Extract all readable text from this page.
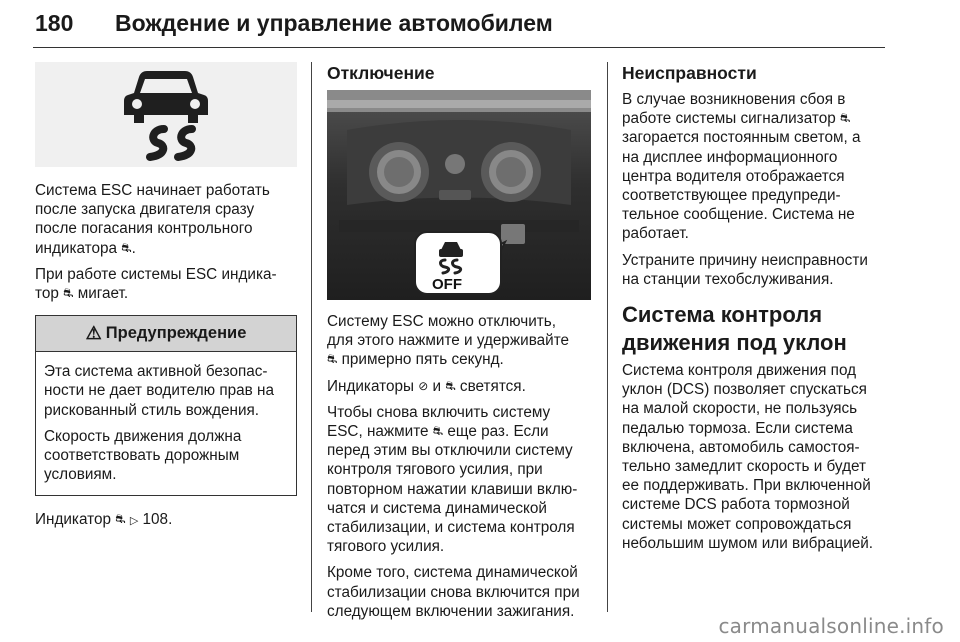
180 Вождение и управление автомобилем

Система ESC начинает работать
после запуска двигателя сразу
после погасания контрольного
индикатора ⛐.

При работе системы ESC индика-
тор ⛐ мигает.

⚠ Предупреждение

Эта система активной безопас-
ности не дает водителю прав на
рискованный стиль вождения.

Скорость движения должна
соответствовать дорожным
условиям.

Индикатор ⛐ ▷ 108.

Отключение
OFF

Систему ESC можно отключить,
для этого нажмите и удерживайте
⛐ примерно пять секунд.

Индикаторы ⊘ и ⛐ светятся.

Чтобы снова включить систему
ESC, нажмите ⛐ еще раз. Если
перед этим вы отключили систему
контроля тягового усилия, при
повторном нажатии клавиши вклю-
чатся и система динамической
стабилизации, и система контроля
тягового усилия.

Кроме того, система динамической
стабилизации снова включится при
следующем включении зажигания.

Неисправности

В случае возникновения сбоя в
работе системы сигнализатор ⛐
загорается постоянным светом, а
на дисплее информационного
центра водителя отображается
соответствующее предупреди-
тельное сообщение. Система не
работает.

Устраните причину неисправности
на станции техобслуживания.

Система контроля
движения под уклон

Система контроля движения под
уклон (DCS) позволяет спускаться
на малой скорости, не пользуясь
педалью тормоза. Если система
включена, автомобиль самостоя-
тельно замедлит скорость и будет
ее поддерживать. При включенной
системе DCS работа тормозной
системы может сопровождаться
небольшим шумом или вибрацией.

carmanualsonline.info
